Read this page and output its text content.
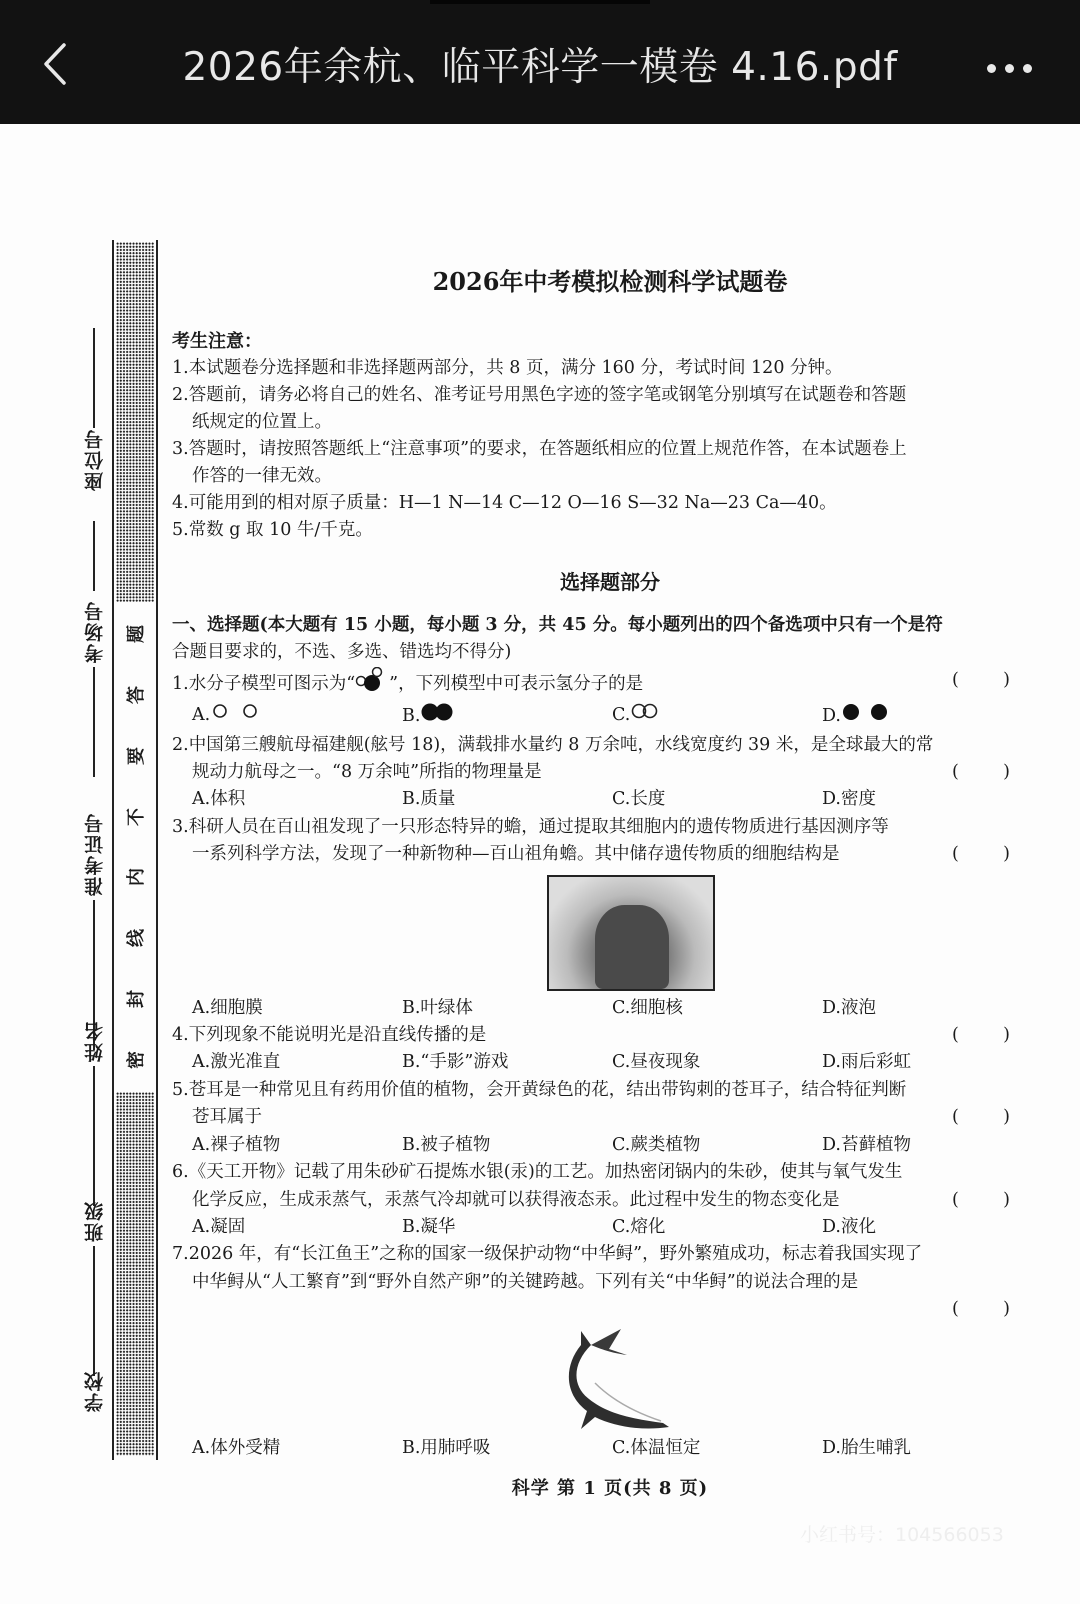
2026年余杭、临平科学一模卷 4.16.pdf
题
答
要
不
内
线
封
密
座位号
考场号
准考证号
姓名
班级
学校
2026年中考模拟检测科学试题卷
考生注意：
1.本试题卷分选择题和非选择题两部分，共 8 页，满分 160 分，考试时间 120 分钟。
2.答题前，请务必将自己的姓名、准考证号用黑色字迹的签字笔或钢笔分别填写在试题卷和答题
纸规定的位置上。
3.答题时，请按照答题纸上“注意事项”的要求，在答题纸相应的位置上规范作答，在本试题卷上
作答的一律无效。
4.可能用到的相对原子质量：H—1 N—14 C—12 O—16 S—32 Na—23 Ca—40。
5.常数 g 取 10 牛/千克。
选择题部分
一、选择题(本大题有 15 小题，每小题 3 分，共 45 分。每小题列出的四个备选项中只有一个是符
合题目要求的，不选、多选、错选均不得分)
1.水分子模型可图示为“ ”，下列模型中可表示氢分子的是	(	)
A.	B.	C.	D.
2.中国第三艘航母福建舰(舷号 18)，满载排水量约 8 万余吨，水线宽度约 39 米，是全球最大的常
规动力航母之一。“8 万余吨”所指的物理量是	(	)
A.体积	B.质量	C.长度	D.密度
3.科研人员在百山祖发现了一只形态特异的蟾，通过提取其细胞内的遗传物质进行基因测序等
一系列科学方法，发现了一种新物种—百山祖角蟾。其中储存遗传物质的细胞结构是	(	)
A.细胞膜	B.叶绿体	C.细胞核	D.液泡
4.下列现象不能说明光是沿直线传播的是	(	)
A.激光准直	B.“手影”游戏	C.昼夜现象	D.雨后彩虹
5.苍耳是一种常见且有药用价值的植物，会开黄绿色的花，结出带钩刺的苍耳子，结合特征判断
苍耳属于	(	)
A.裸子植物	B.被子植物	C.蕨类植物	D.苔藓植物
6.《天工开物》记载了用朱砂矿石提炼水银(汞)的工艺。加热密闭锅内的朱砂，使其与氧气发生
化学反应，生成汞蒸气，汞蒸气冷却就可以获得液态汞。此过程中发生的物态变化是	(	)
A.凝固	B.凝华	C.熔化	D.液化
7.2026 年，有“长江鱼王”之称的国家一级保护动物“中华鲟”，野外繁殖成功，标志着我国实现了
中华鲟从“人工繁育”到“野外自然产卵”的关键跨越。下列有关“中华鲟”的说法合理的是
(	)
A.体外受精	B.用肺呼吸	C.体温恒定	D.胎生哺乳
科学 第 1 页(共 8 页)
小红书号：104566053
